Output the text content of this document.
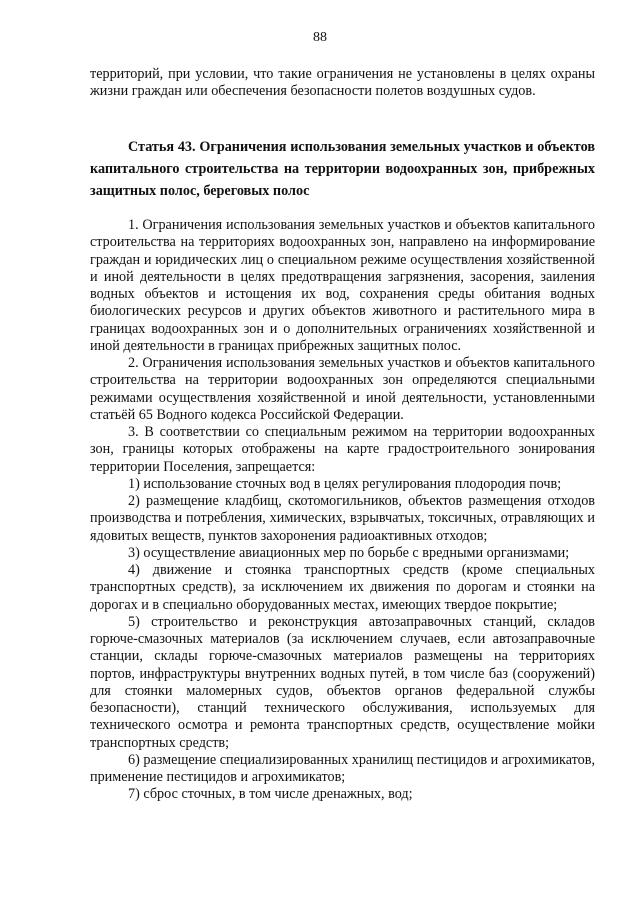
88

территорий, при условии, что такие ограничения не установлены в целях охраны жизни граждан или обеспечения безопасности полетов воздушных судов.

Статья 43. Ограничения использования земельных участков и объектов капитального строительства на территории водоохранных зон, прибрежных защитных полос, береговых полос

1. Ограничения использования земельных участков и объектов капитального строительства на территориях водоохранных зон, направлено на информирование граждан и юридических лиц о специальном режиме осуществления хозяйственной и иной деятельности в целях предотвращения загрязнения, засорения, заиления водных объектов и истощения их вод, сохранения среды обитания водных биологических ресурсов и других объектов животного и растительного мира в границах водоохранных зон и о дополнительных ограничениях хозяйственной и иной деятельности в границах прибрежных защитных полос.

2. Ограничения использования земельных участков и объектов капитального строительства на территории водоохранных зон определяются специальными режимами осуществления хозяйственной и иной деятельности, установленными статьёй 65 Водного кодекса Российской Федерации.

3. В соответствии со специальным режимом на территории водоохранных зон, границы которых отображены на карте градостроительного зонирования территории Поселения, запрещается:

1) использование сточных вод в целях регулирования плодородия почв;

2) размещение кладбищ, скотомогильников, объектов размещения отходов производства и потребления, химических, взрывчатых, токсичных, отравляющих и ядовитых веществ, пунктов захоронения радиоактивных отходов;

3) осуществление авиационных мер по борьбе с вредными организмами;

4) движение и стоянка транспортных средств (кроме специальных транспортных средств), за исключением их движения по дорогам и стоянки на дорогах и в специально оборудованных местах, имеющих твердое покрытие;

5) строительство и реконструкция автозаправочных станций, складов горюче-смазочных материалов (за исключением случаев, если автозаправочные станции, склады горюче-смазочных материалов размещены на территориях портов, инфраструктуры внутренних водных путей, в том числе баз (сооружений) для стоянки маломерных судов, объектов органов федеральной службы безопасности), станций технического обслуживания, используемых для технического осмотра и ремонта транспортных средств, осуществление мойки транспортных средств;

6) размещение специализированных хранилищ пестицидов и агрохимикатов, применение пестицидов и агрохимикатов;

7) сброс сточных, в том числе дренажных, вод;
